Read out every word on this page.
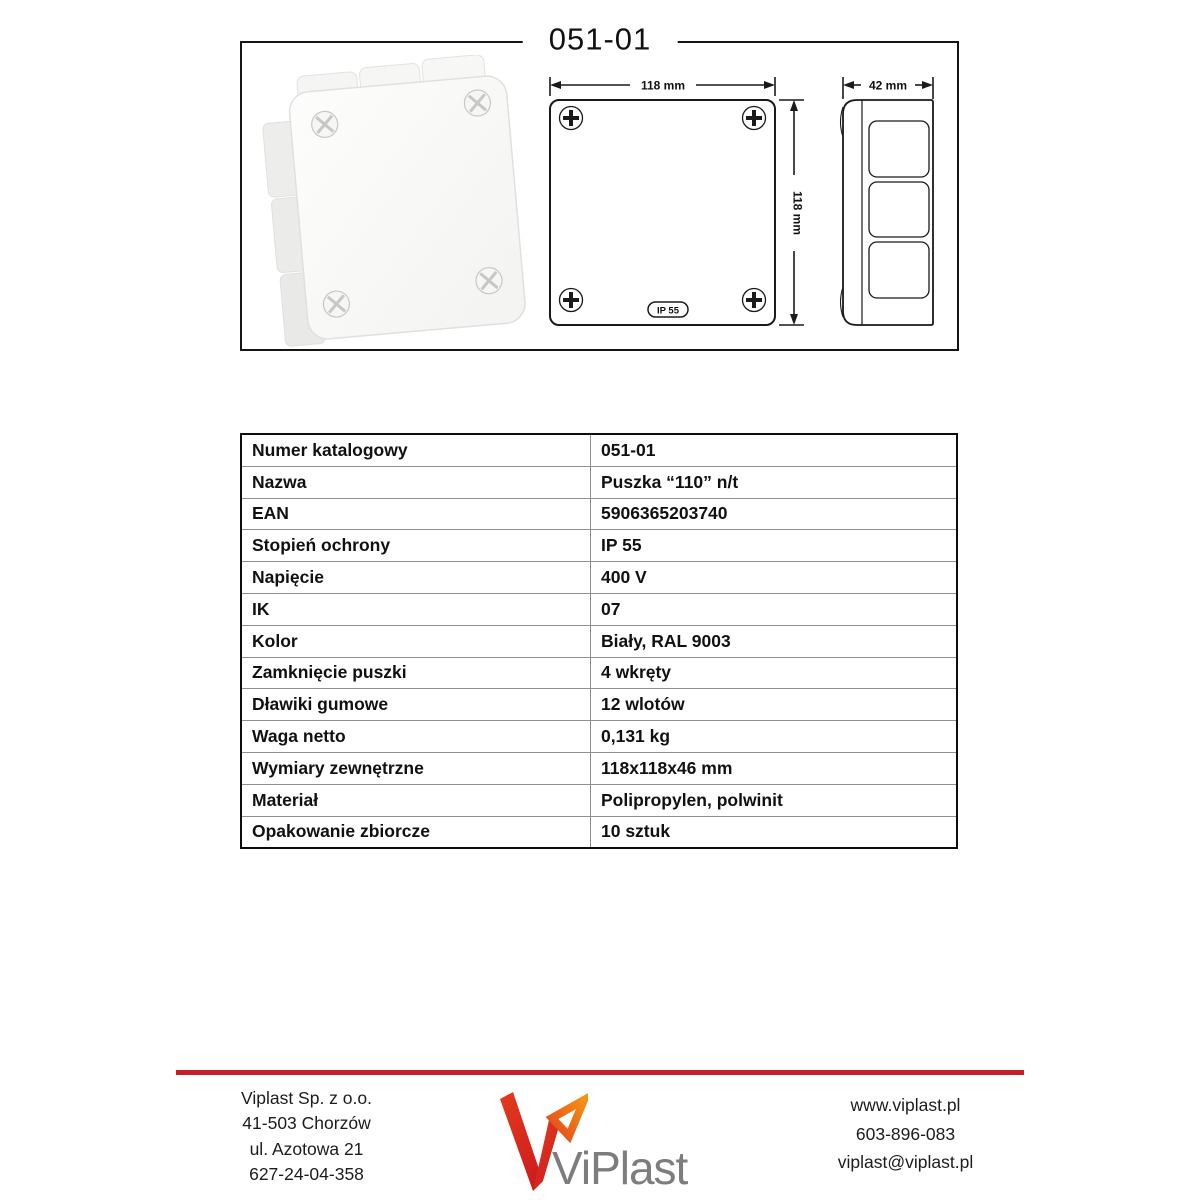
051-01
118 mm
118 mm
IP 55
42 mm
Numer katalogowy	051-01
Nazwa	Puszka “110” n/t
EAN	5906365203740
Stopień ochrony	IP 55
Napięcie	400 V
IK	07
Kolor	Biały, RAL 9003
Zamknięcie puszki	4 wkręty
Dławiki gumowe	12 wlotów
Waga netto	0,131 kg
Wymiary zewnętrzne	118x118x46 mm
Materiał	Polipropylen, polwinit
Opakowanie zbiorcze	10 sztuk
Viplast Sp. z o.o.
41-503 Chorzów
ul. Azotowa 21
627-24-04-358	ViPlast
www.viplast.pl
603-896-083
viplast@viplast.pl
